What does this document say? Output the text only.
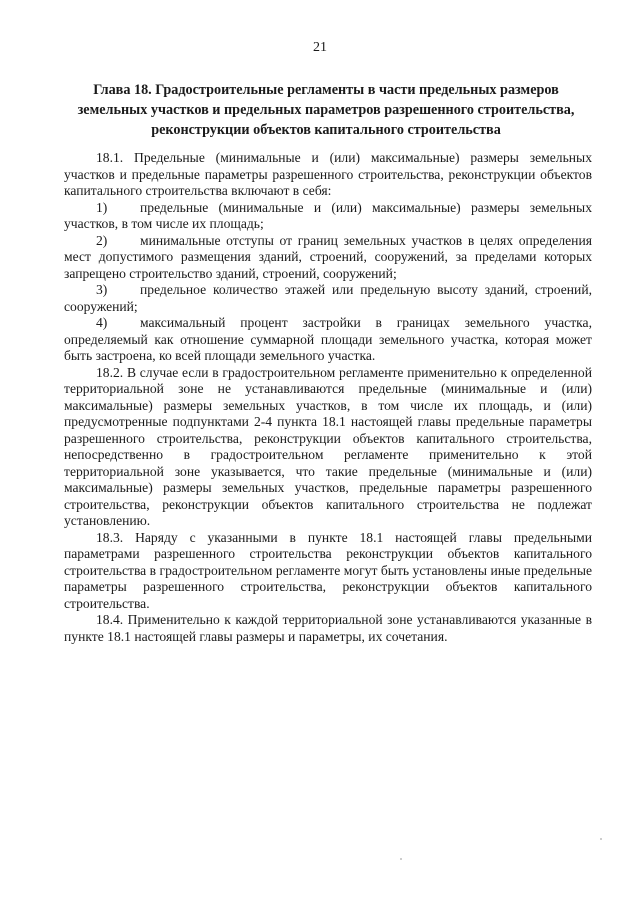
21
Глава 18. Градостроительные регламенты в части предельных размеров земельных участков и предельных параметров разрешенного строительства, реконструкции объектов капитального строительства

18.1. Предельные (минимальные и (или) максимальные) размеры земельных участков и предельные параметры разрешенного строительства, реконструкции объектов капитального строительства включают в себя:

1) предельные (минимальные и (или) максимальные) размеры земельных участков, в том числе их площадь;

2) минимальные отступы от границ земельных участков в целях определения мест допустимого размещения зданий, строений, сооружений, за пределами которых запрещено строительство зданий, строений, сооружений;

3) предельное количество этажей или предельную высоту зданий, строений, сооружений;

4) максимальный процент застройки в границах земельного участка, определяемый как отношение суммарной площади земельного участка, которая может быть застроена, ко всей площади земельного участка.

18.2. В случае если в градостроительном регламенте применительно к определенной территориальной зоне не устанавливаются предельные (минимальные и (или) максимальные) размеры земельных участков, в том числе их площадь, и (или) предусмотренные подпунктами 2-4 пункта 18.1 настоящей главы предельные параметры разрешенного строительства, реконструкции объектов капитального строительства, непосредственно в градостроительном регламенте применительно к этой территориальной зоне указывается, что такие предельные (минимальные и (или) максимальные) размеры земельных участков, предельные параметры разрешенного строительства, реконструкции объектов капитального строительства не подлежат установлению.

18.3. Наряду с указанными в пункте 18.1 настоящей главы предельными параметрами разрешенного строительства реконструкции объектов капитального строительства в градостроительном регламенте могут быть установлены иные предельные параметры разрешенного строительства, реконструкции объектов капитального строительства.

18.4. Применительно к каждой территориальной зоне устанавливаются указанные в пункте 18.1 настоящей главы размеры и параметры, их сочетания.
